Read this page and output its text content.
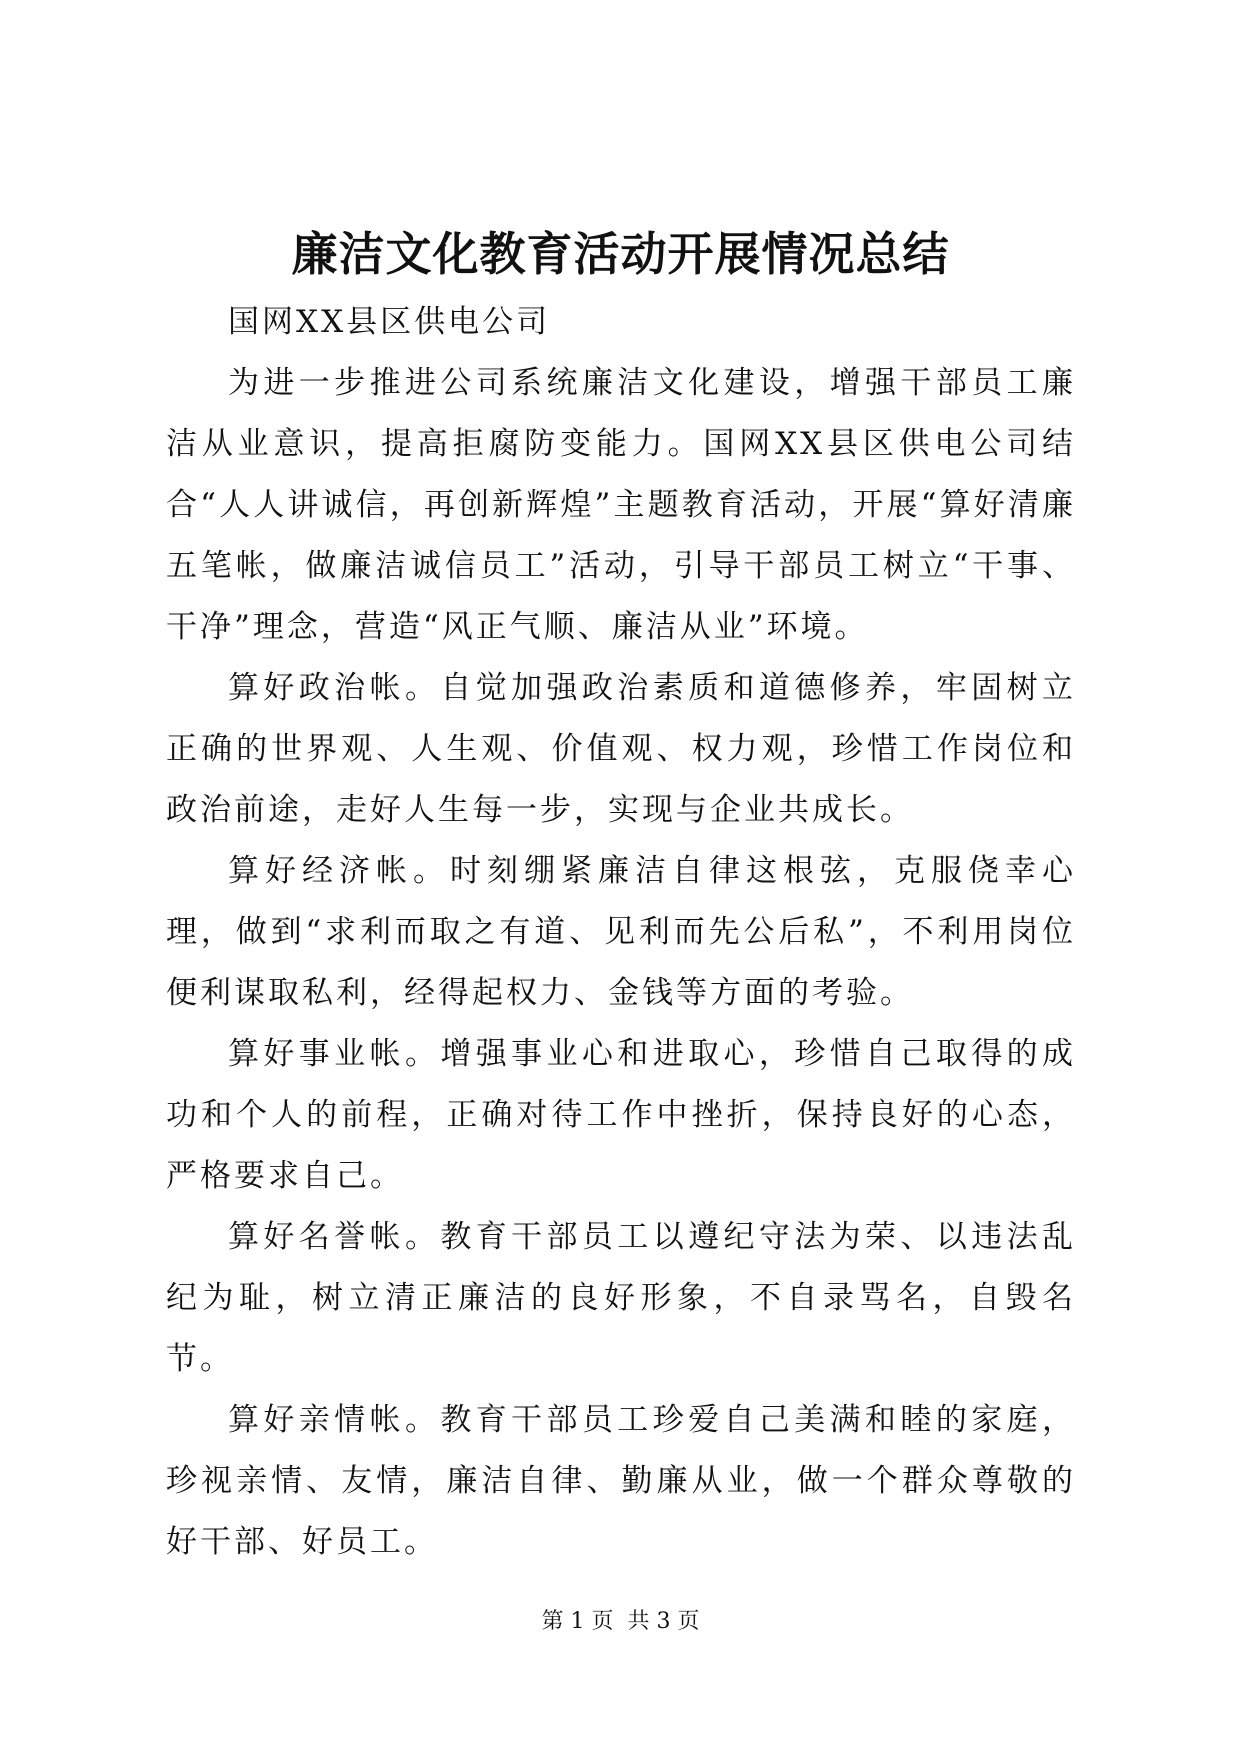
廉洁文化教育活动开展情况总结

国网XX县区供电公司

为进一步推进公司系统廉洁文化建设，增强干部员工廉洁从业意识，提高拒腐防变能力。国网XX县区供电公司结合“人人讲诚信，再创新辉煌”主题教育活动，开展“算好清廉五笔帐，做廉洁诚信员工”活动，引导干部员工树立“干事、干净”理念，营造“风正气顺、廉洁从业”环境。

算好政治帐。自觉加强政治素质和道德修养，牢固树立正确的世界观、人生观、价值观、权力观，珍惜工作岗位和政治前途，走好人生每一步，实现与企业共成长。

算好经济帐。时刻绷紧廉洁自律这根弦，克服侥幸心理，做到“求利而取之有道、见利而先公后私”，不利用岗位便利谋取私利，经得起权力、金钱等方面的考验。

算好事业帐。增强事业心和进取心，珍惜自己取得的成功和个人的前程，正确对待工作中挫折，保持良好的心态，严格要求自己。

算好名誉帐。教育干部员工以遵纪守法为荣、以违法乱纪为耻，树立清正廉洁的良好形象，不自录骂名，自毁名节。

算好亲情帐。教育干部员工珍爱自己美满和睦的家庭，珍视亲情、友情，廉洁自律、勤廉从业，做一个群众尊敬的好干部、好员工。

第 1 页  共 3 页
